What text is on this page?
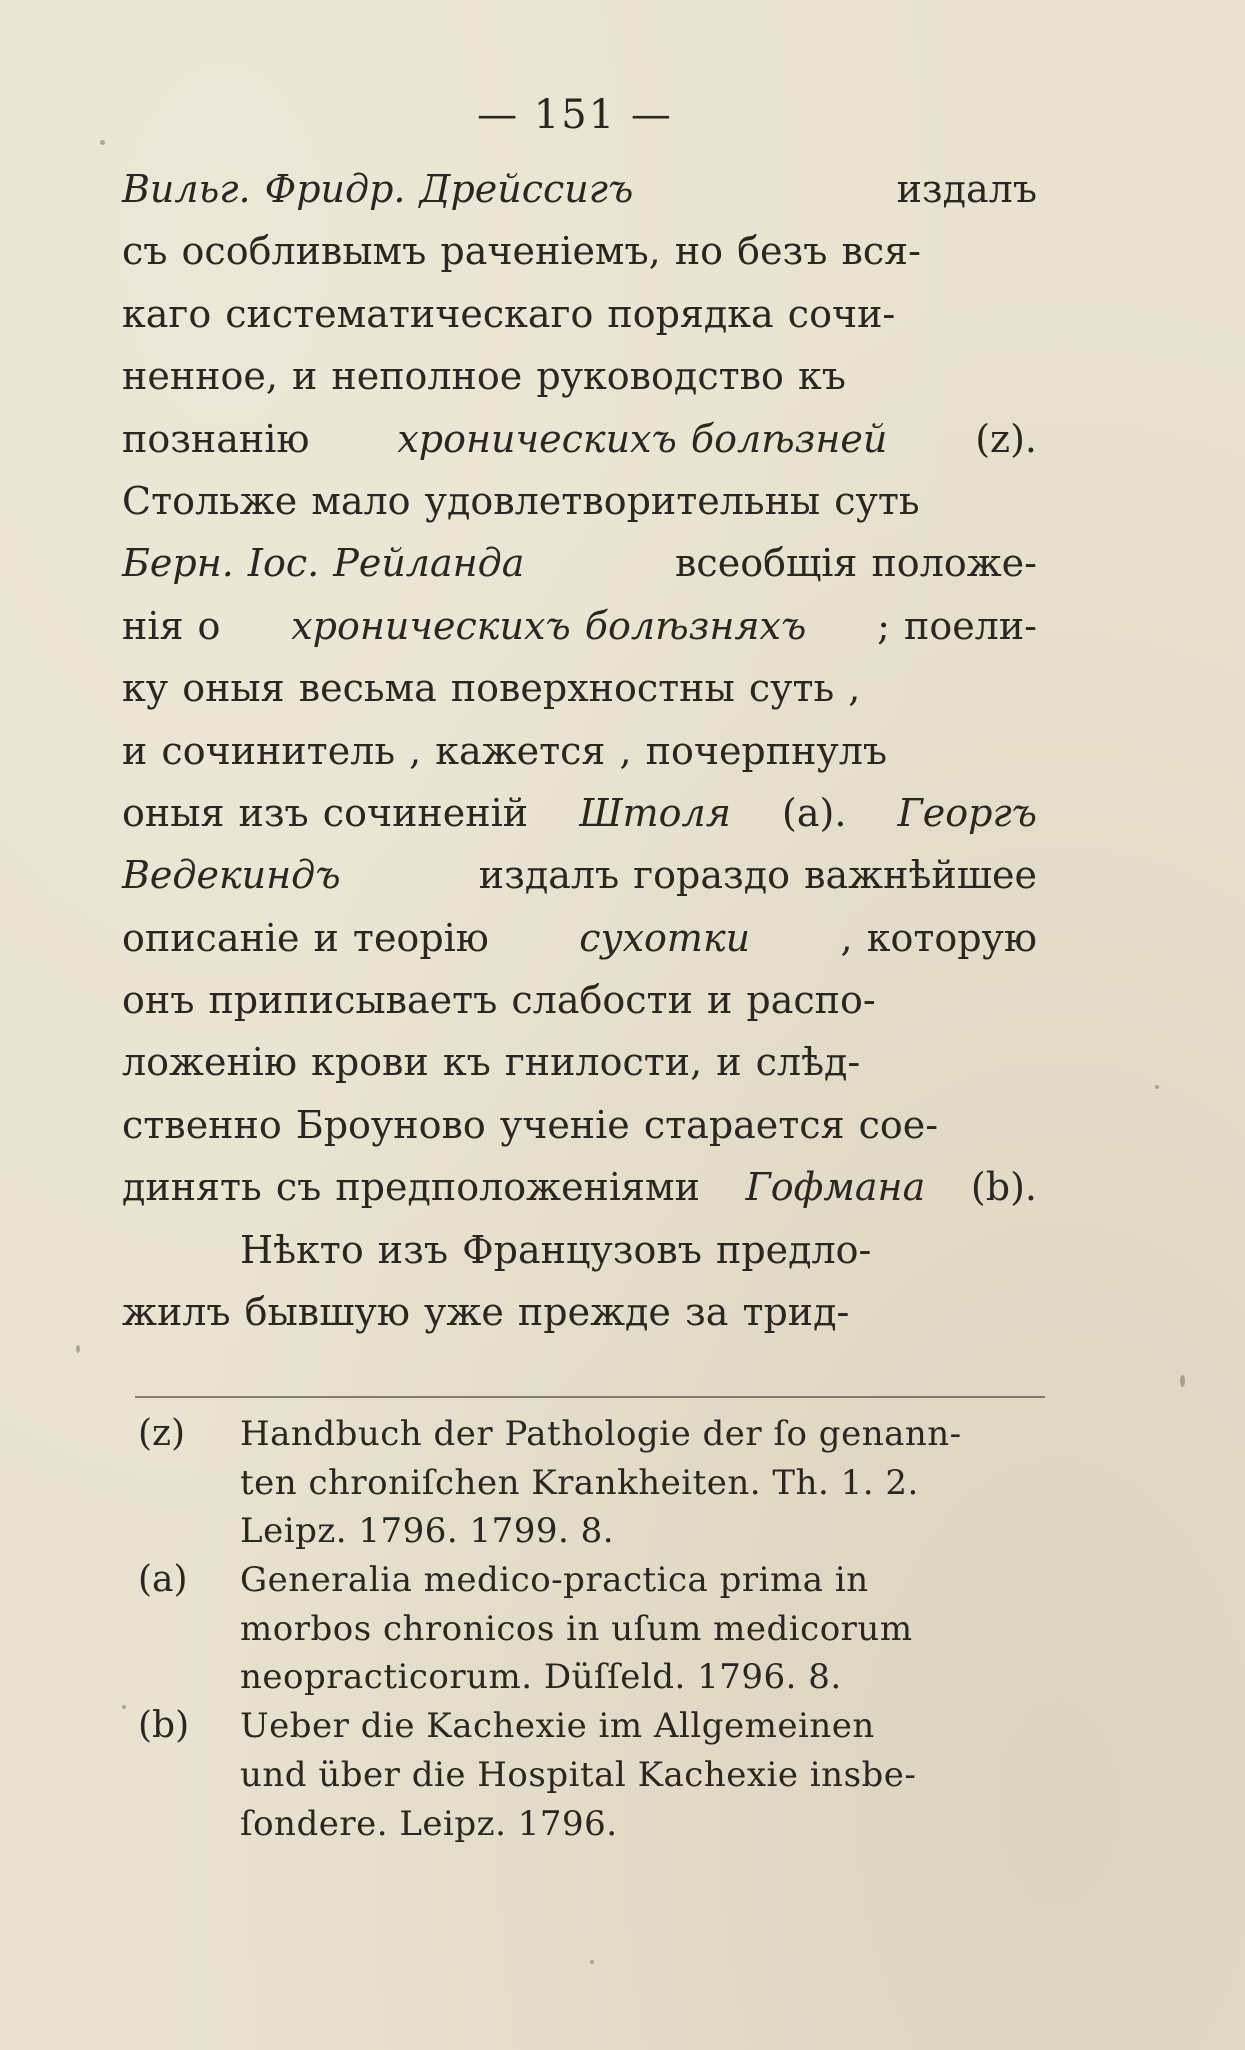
— 151 —
Вильг. Фридр. Дрейссигъ	издалъ
съ особливымъ раченіемъ, но безъ вся-
каго систематическаго порядка сочи-
ненное, и неполное руководство къ
познанію хроническихъ болѣзней (z).
Стольже мало удовлетворительны суть
Берн. Іос. Рейланда	всеобщія положе-
нія о хроническихъ болѣзняхъ ; поели-
ку оныя весьма поверхностны суть ,
и сочинитель , кажется , почерпнулъ
оныя изъ сочиненій Штоля (a). Георгъ
Ведекиндъ	издалъ гораздо важнѣйшее
описаніе и теорію сухотки , которую
онъ приписываетъ слабости и распо-
ложенію крови къ гнилости, и слѣд-
ственно Броуново ученіе старается соe-
динять съ предположеніями Гофмана (b).
Нѣкто изъ Французовъ предло-
жилъ бывшую уже прежде за трид-
(z) Handbuch der Pathologie der ſo genann-
ten chroniſchen Krankheiten. Th. 1. 2.
Leipz. 1796. 1799. 8.
(a) Generalia medico-practica prima in
morbos chronicos in uſum medicorum
neopracticorum. Düſſeld. 1796. 8.
(b) Ueber die Kachexie im Allgemeinen
und über die Hospital Kachexie insbe-
ſondere. Leipz. 1796.
